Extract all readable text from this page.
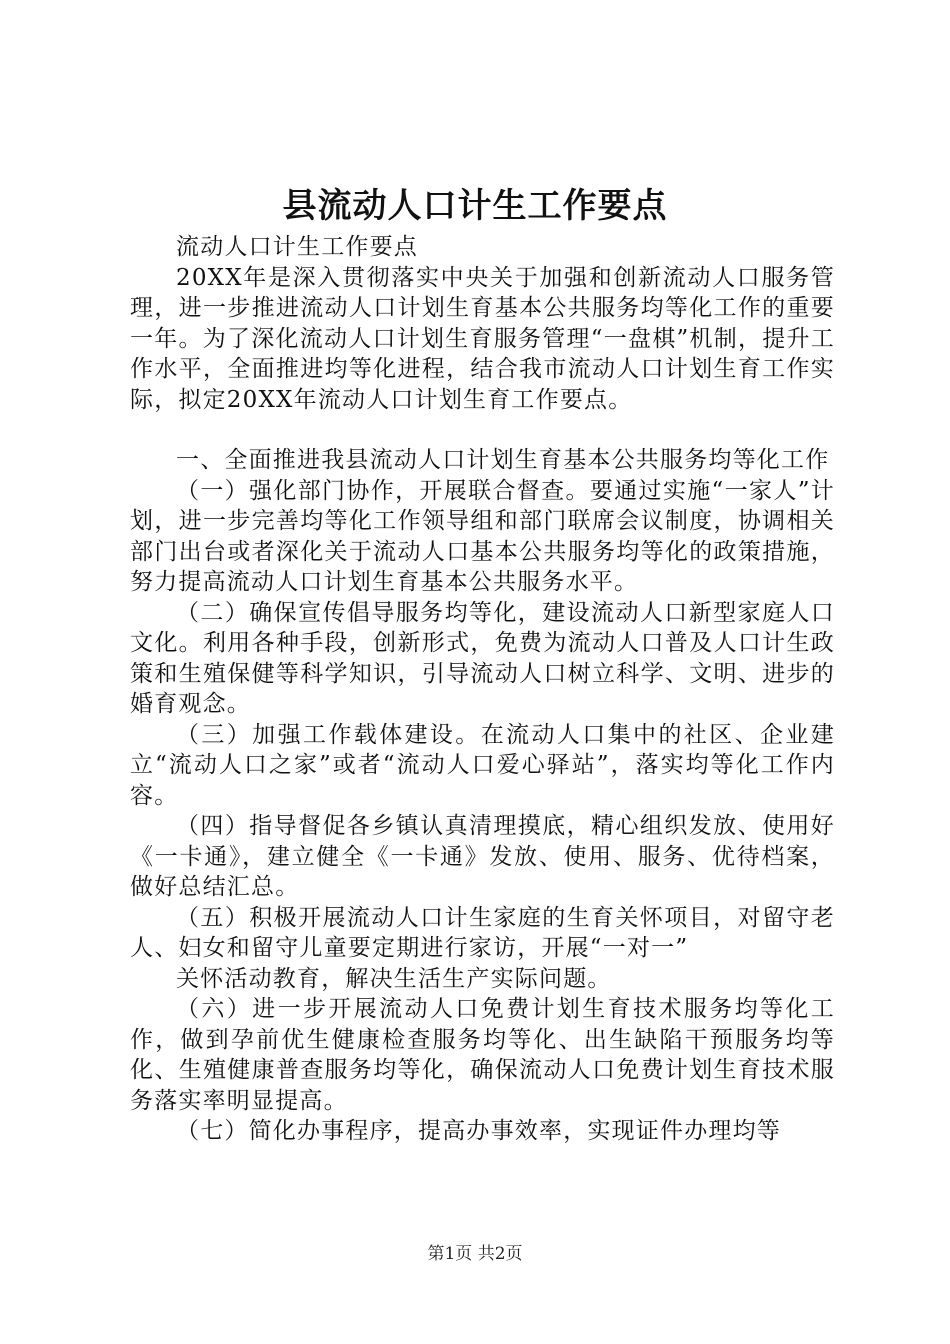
县流动人口计生工作要点

流动人口计生工作要点

20XX年是深入贯彻落实中央关于加强和创新流动人口服务管理，进一步推进流动人口计划生育基本公共服务均等化工作的重要一年。为了深化流动人口计划生育服务管理“一盘棋”机制，提升工作水平，全面推进均等化进程，结合我市流动人口计划生育工作实际，拟定20XX年流动人口计划生育工作要点。

一、全面推进我县流动人口计划生育基本公共服务均等化工作

（一）强化部门协作，开展联合督查。要通过实施“一家人”计划，进一步完善均等化工作领导组和部门联席会议制度，协调相关部门出台或者深化关于流动人口基本公共服务均等化的政策措施，努力提高流动人口计划生育基本公共服务水平。

（二）确保宣传倡导服务均等化，建设流动人口新型家庭人口文化。利用各种手段，创新形式，免费为流动人口普及人口计生政策和生殖保健等科学知识，引导流动人口树立科学、文明、进步的婚育观念。

（三）加强工作载体建设。在流动人口集中的社区、企业建立“流动人口之家”或者“流动人口爱心驿站”，落实均等化工作内容。

（四）指导督促各乡镇认真清理摸底，精心组织发放、使用好《一卡通》，建立健全《一卡通》发放、使用、服务、优待档案，做好总结汇总。

（五）积极开展流动人口计生家庭的生育关怀项目，对留守老人、妇女和留守儿童要定期进行家访，开展“一对一”

关怀活动教育，解决生活生产实际问题。

（六）进一步开展流动人口免费计划生育技术服务均等化工作，做到孕前优生健康检查服务均等化、出生缺陷干预服务均等化、生殖健康普查服务均等化，确保流动人口免费计划生育技术服务落实率明显提高。

（七）简化办事程序，提高办事效率，实现证件办理均等

第1页 共2页
